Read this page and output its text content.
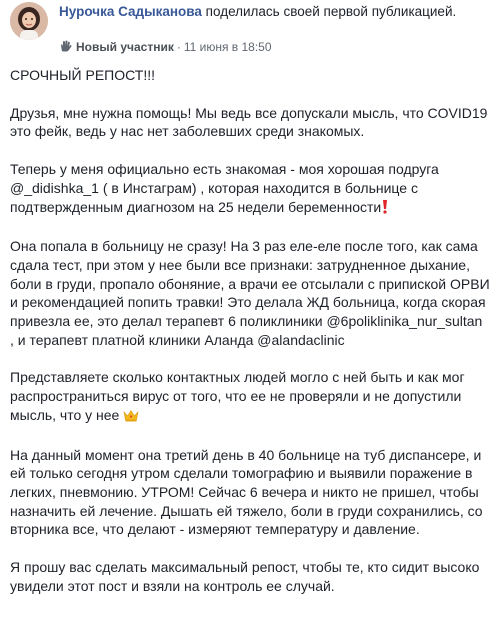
Нурочка Садыканова поделилась своей первой публикацией.
Новый участник · 11 июня в 18:50

СРОЧНЫЙ РЕПОСТ!!!

Друзья, мне нужна помощь! Мы ведь все допускали мысль, что COVID19 это фейк, ведь у нас нет заболевших среди знакомых.

Теперь у меня официально есть знакомая - моя хорошая подруга @_didishka_1 ( в Инстаграм) , которая находится в больнице с подтвержденным диагнозом на 25 недели беременности

Она попала в больницу не сразу! На 3 раз еле-еле после того, как сама сдала тест, при этом у нее были все признаки: затрудненное дыхание, боли в груди, пропало обоняние, а врачи ее отсылали с припиской ОРВИ и рекомендацией попить травки! Это делала ЖД больница, когда скорая привезла ее, это делал терапевт 6 поликлиники @6poliklinika_nur_sultan , и терапевт платной клиники Аланда @alandaclinic

Представляете сколько контактных людей могло с ней быть и как мог распространиться вирус от того, что ее не проверяли и не допустили мысль, что у нее

На данный момент она третий день в 40 больнице на туб диспансере, и ей только сегодня утром сделали томографию и выявили поражение в легких, пневмонию. УТРОМ! Сейчас 6 вечера и никто не пришел, чтобы назначить ей лечение. Дышать ей тяжело, боли в груди сохранились, со вторника все, что делают - измеряют температуру и давление.

Я прошу вас сделать максимальный репост, чтобы те, кто сидит высоко увидели этот пост и взяли на контроль ее случай.
